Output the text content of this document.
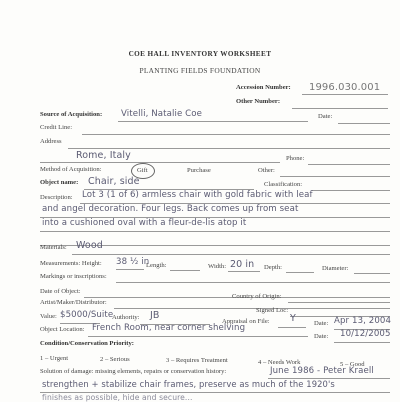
COE HALL INVENTORY WORKSHEET
PLANTING FIELDS FOUNDATION
Accession Number: 1996.030.001
Other Number:
Source of Acquisition: Vitelli, Natalie Coe	Date:
Credit Line:
Address
Rome, Italy	Phone:
Method of Acquisition:	Gift	Purchase	Other:
Object name: Chair, side	Classification:
Description: Lot 3 (1 of 6) armless chair with gold fabric with leaf
and angel decoration. Four legs. Back comes up from seat
into a cushioned oval with a fleur-de-lis atop it
Materials: Wood
Measurements: Height: 38 ½ in
Length:	Width: 20 in Depth:	Diameter:
Markings or inscriptions:
Date of Object:
Country of Origin:
Artist/Maker/Distributor:
Signed Loc:
Value: $5000/Suite
Authority: JB
Appraisal on File: Y	Date: Apr 13, 2004
Object Location: French Room, near corner shelving
Date: 10/12/2005
Condition/Conservation Priority:
1 – Urgent	2 – Serious	3 – Requires Treatment	4 – Needs Work	5 – Good
Solution of damage: missing elements, repairs or conservation history:	June 1986 - Peter Kraell
strengthen + stabilize chair frames, preserve as much of the 1920's
finishes as possible, hide and secure...
